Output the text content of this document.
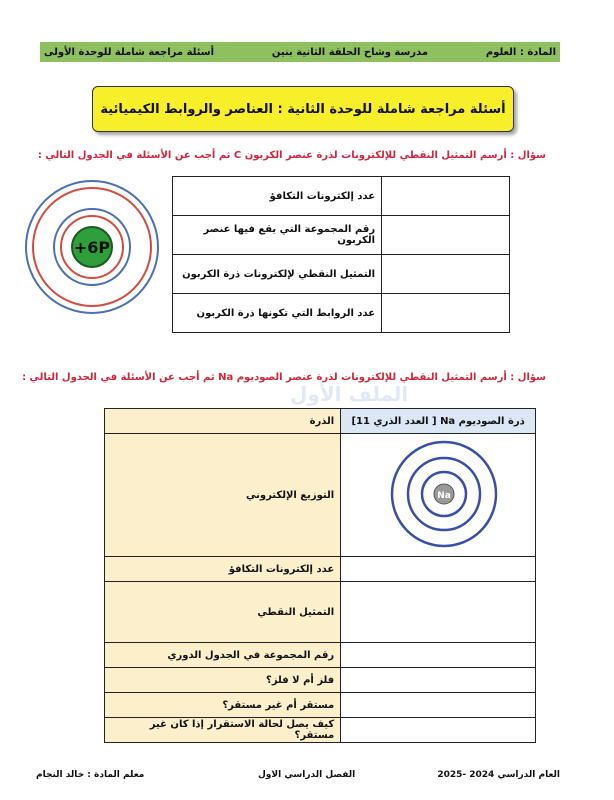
المادة : العلوم
مدرسة وشاح الحلقة الثانية بنين
أسئلة مراجعة شاملة للوحدة الأولى
أسئلة مراجعة شاملة للوحدة الثانية : العناصر والروابط الكيميائية
سؤال : أرسم التمثيل النقطي للإلكترونات لذرة عنصر الكربون C ثم أجب عن الأسئلة في الجدول التالي :
+6P
عدد إلكترونات التكافؤ	
رقم المجموعة التي يقع فيها عنصر الكربون	
التمثيل النقطي لإلكترونات ذرة الكربون	
عدد الروابط التي تكونها ذرة الكربون	
سؤال : أرسم التمثيل النقطي للإلكترونات لذرة عنصر الصوديوم Na ثم أجب عن الأسئلة في الجدول التالي :
الملف الأول
الذرة	ذرة الصوديوم Na [ العدد الذري 11]
التوزيع الإلكتروني	Na

عدد إلكترونات التكافؤ	
التمثيل النقطي	
رقم المجموعة في الجدول الدوري	
فلز أم لا فلز؟	
مستقر أم غير مستقر؟	
كيف يصل لحالة الاستقرار إذا كان غير مستقر؟	
العام الدراسي 2024 -2025
الفصل الدراسي الاول
معلم المادة : خالد النجام
